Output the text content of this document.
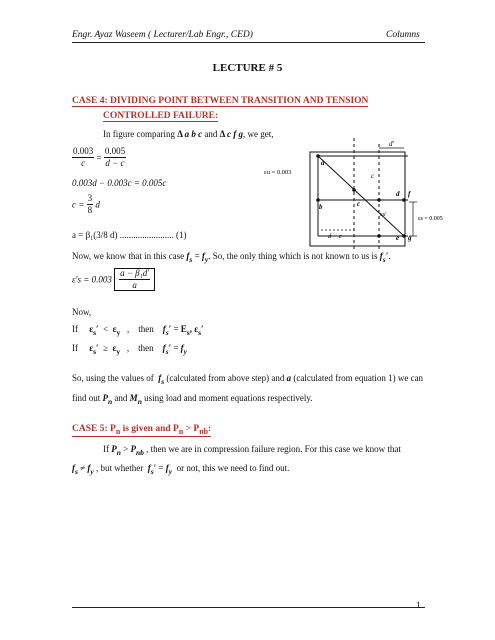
Engr. Ayaz Waseem ( Lecturer/Lab Engr., CED)	Columns
LECTURE # 5
CASE 4: DIVIDING POINT BETWEEN TRANSITION AND TENSION
CONTROLLED FAILURE:
In figure comparing Δ a b c and Δ c f g, we get,
$\frac{0.003}{c} = \frac{0.005}{d - c}$
0.003d − 0.003c = 0.005c
$c = \frac{3}{8}$ d
a = β₁(3/8 d) ........................ (1)
εu = 0.003
a
b	c
d
e
f
g
c
d′
d − c
εs′
εs = 0.005
Now, we know that in this case $f_s = f_y$. So, the only thing which is not known to us is $f_s'$.
$\varepsilon's = 0.003 \frac{\text{a − β₁d′}}{a}$
Now,
If     $\varepsilon_s' < \varepsilon_y$   ,    then    $f_s' = E_s$, $\varepsilon_s'$
If     $\varepsilon_s' \ge \varepsilon_y$   ,    then    $f_s' = f_y$
So, using the values of  $f_s$ (calculated from above step) and a (calculated from equation 1) we can find out $P_n$ and $M_n$ using load and moment equations respectively.
CASE 5: $P_n$ is given and $P_n > P_{nb}$:
If $P_n > P_{nb}$ , then we are in compression failure region. For this case we know that
$f_s \ne f_y$ , but whether  $f_s' = f_y$  or not, this we need to find out.
1
